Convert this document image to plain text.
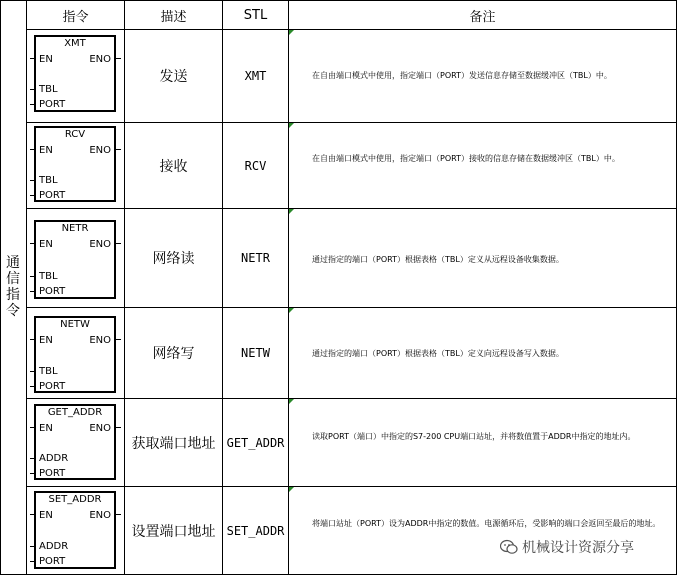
通信指令
指令	描述	STL	备注
XMT
EN	ENO
TBL
PORT
发送	XMT	在自由端口模式中使用，指定端口（PORT）发送信息存储至数据缓冲区（TBL）中。
RCV
EN	ENO
TBL
PORT
接收	RCV	在自由端口模式中使用，指定端口（PORT）接收的信息存储在数据缓冲区（TBL）中。
NETR
EN	ENO
TBL
PORT
网络读	NETR	通过指定的端口（PORT）根据表格（TBL）定义从远程设备收集数据。
NETW
EN	ENO
TBL
PORT
网络写	NETW	通过指定的端口（PORT）根据表格（TBL）定义向远程设备写入数据。
GET_ADDR
EN	ENO
ADDR
PORT
获取端口地址 GET_ADDR	读取PORT（端口）中指定的S7-200 CPU端口站址，并将数值置于ADDR中指定的地址内。
SET_ADDR
EN	ENO
ADDR
PORT
设置端口地址 SET_ADDR	将端口站址（PORT）设为ADDR中指定的数值。电源循环后，受影响的端口会返回至最后的地址。
机械设计资源分享
